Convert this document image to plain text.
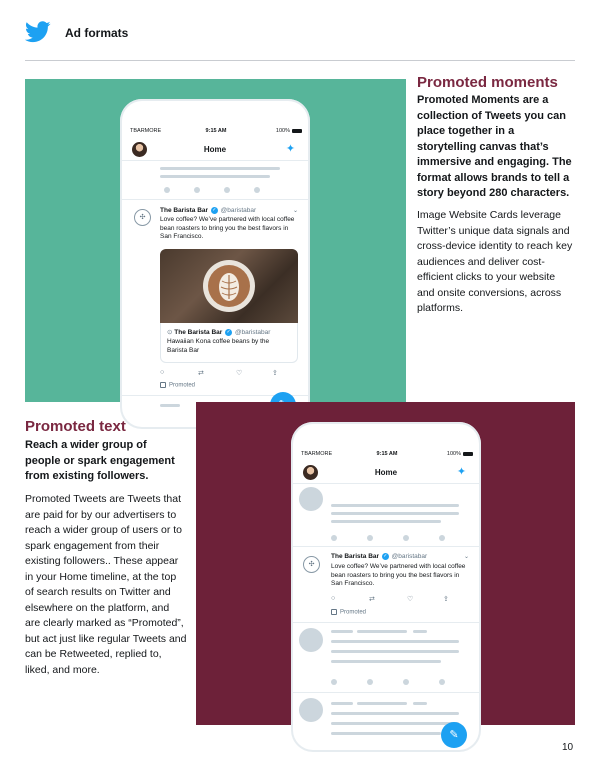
Ad formats
TBARMORE	9:15 AM	100%
Home	✦
✣
The Barista Bar ✓ @baristabar	⌄
Love coffee? We’ve partnered with local coffee bean roasters to bring you the best flavors in San Francisco.
⊙ The Barista Bar ✓ @baristabar
Hawaiian Kona coffee beans by the Barista Bar
○	⇄	♡	⇪
Promoted
Promoted moments
Promoted Moments are a collection of Tweets you can place together in a storytelling canvas that’s immersive and engaging. The format allows brands to tell a story beyond 280 characters.
Image Website Cards leverage Twitter’s unique data signals and cross-device identity to reach key audiences and deliver cost-efficient clicks to your website and onsite conversions, across platforms.
TBARMORE	9:15 AM	100%
Home	✦
✣
The Barista Bar ✓ @baristabar	⌄
Love coffee? We’ve partnered with local coffee bean roasters to bring you the best flavors in San Francisco.
○	⇄	♡	⇪
Promoted
✎
Promoted text
Reach a wider group of people or spark engagement from existing followers.
Promoted Tweets are Tweets that are paid for by our advertisers to reach a wider group of users or to spark engagement from their existing followers.. These appear in your Home timeline, at the top of search results on Twitter and elsewhere on the platform, and are clearly marked as “Promoted”, but act just like regular Tweets and can be Retweeted, replied to, liked, and more.
10
